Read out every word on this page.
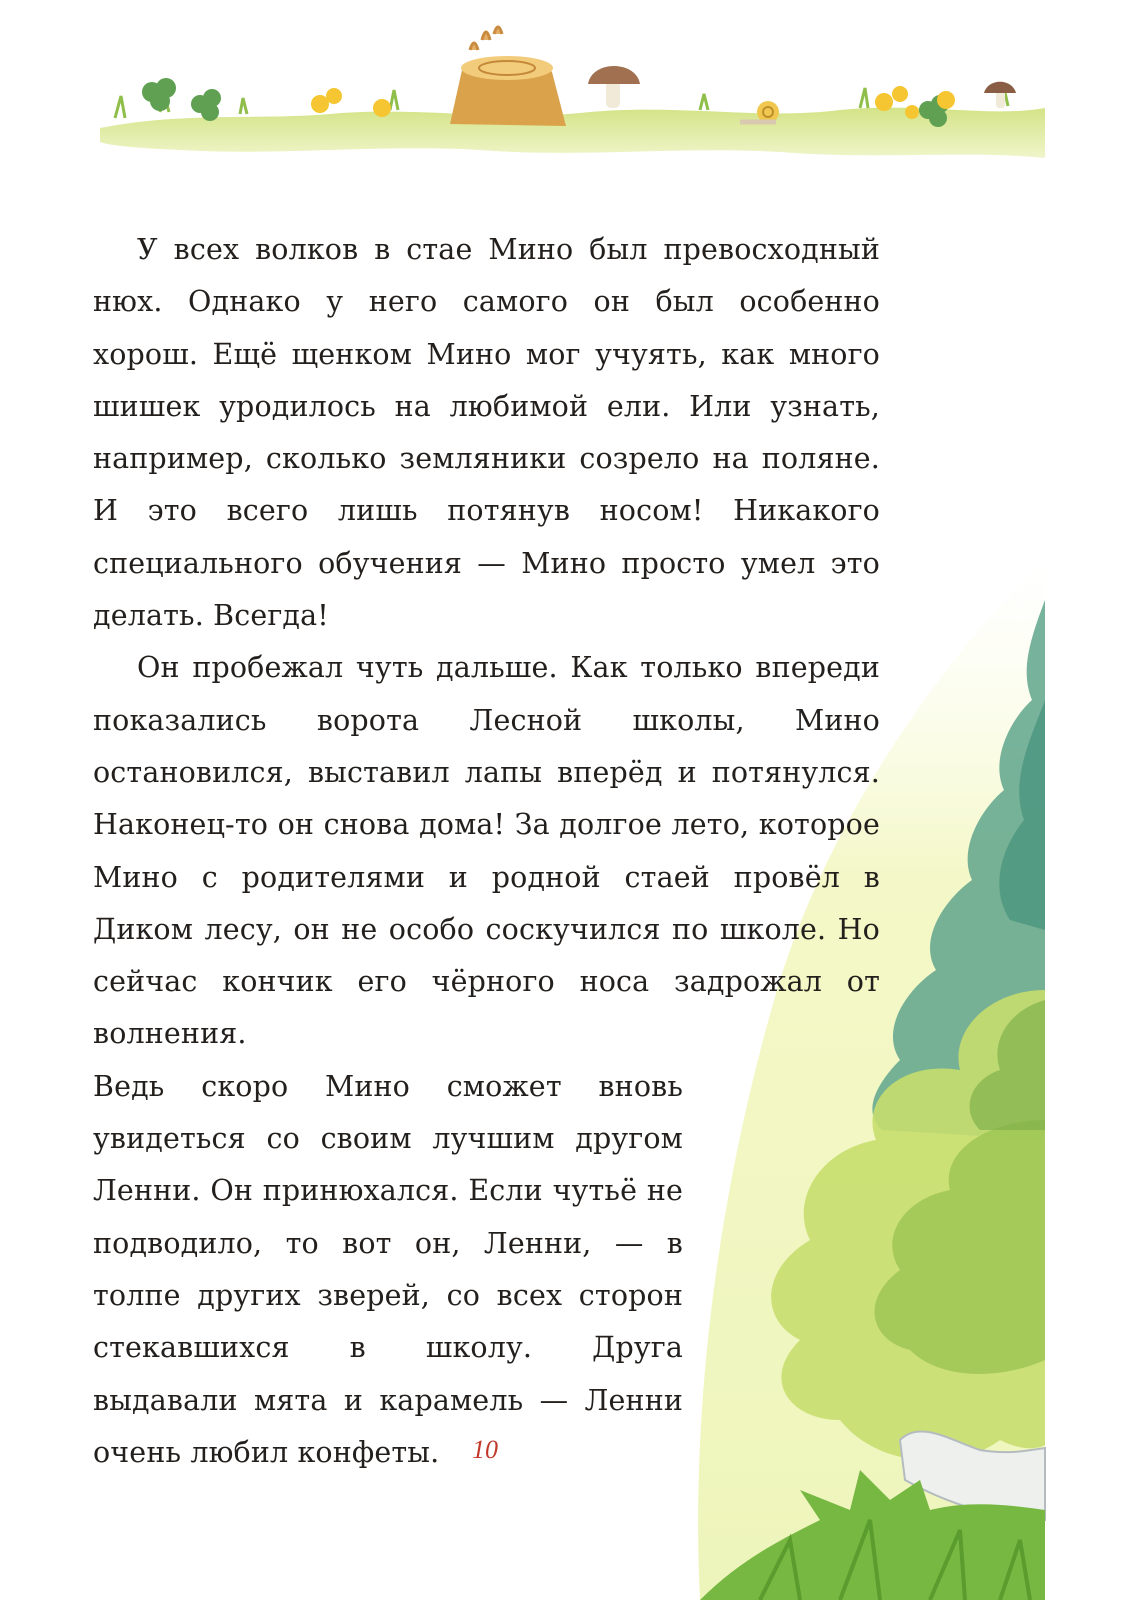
У всех волков в стае Мино был превосходный нюх. Однако у него самого он был особенно хорош. Ещё щенком Мино мог учуять, как много шишек уродилось на любимой ели. Или узнать, например, сколько земляники созрело на поляне. И это всего лишь потянув носом! Никакого специального обучения — Мино просто умел это делать. Всегда!

Он пробежал чуть дальше. Как только впереди показались ворота Лесной школы, Мино остановился, выставил лапы вперёд и потянулся. Наконец-то он снова дома! За долгое лето, которое Мино с родителями и родной стаей провёл в Диком лесу, он не особо соскучился по школе. Но сейчас кончик его чёрного носа задрожал от волнения.

Ведь скоро Мино сможет вновь увидеться со своим лучшим другом Ленни. Он принюхался. Если чутьё не подводило, то вот он, Ленни, — в толпе других зверей, со всех сторон стекавшихся в школу. Друга выдавали мята и карамель — Ленни очень любил конфеты.	10
